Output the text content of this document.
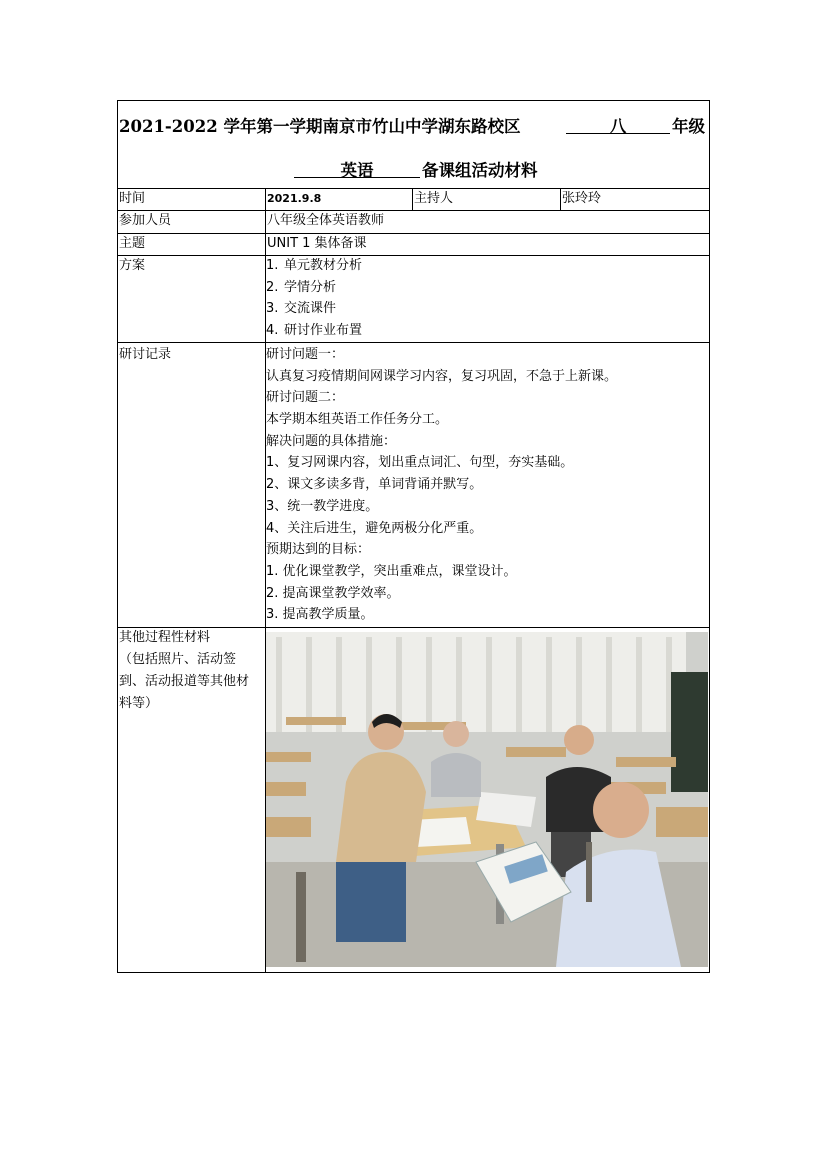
2021-2022 学年第一学期南京市竹山中学湖东路校区	八	年级
英语	备课组活动材料
时间	2021.9.8	主持人	张玲玲
参加人员	八年级全体英语教师
主题	UNIT 1 集体备课
方案	1. 单元教材分析
2. 学情分析
3. 交流课件
4. 研讨作业布置
研讨记录	研讨问题一：
认真复习疫情期间网课学习内容，复习巩固，不急于上新课。
研讨问题二：
本学期本组英语工作任务分工。
解决问题的具体措施：
1、复习网课内容，划出重点词汇、句型，夯实基础。
2、课文多读多背，单词背诵并默写。
3、统一教学进度。
4、关注后进生，避免两极分化严重。
预期达到的目标：
1. 优化课堂教学，突出重难点，课堂设计。
2. 提高课堂教学效率。
3. 提高教学质量。
其他过程性材料
（包括照片、活动签
到、活动报道等其他材
料等）
